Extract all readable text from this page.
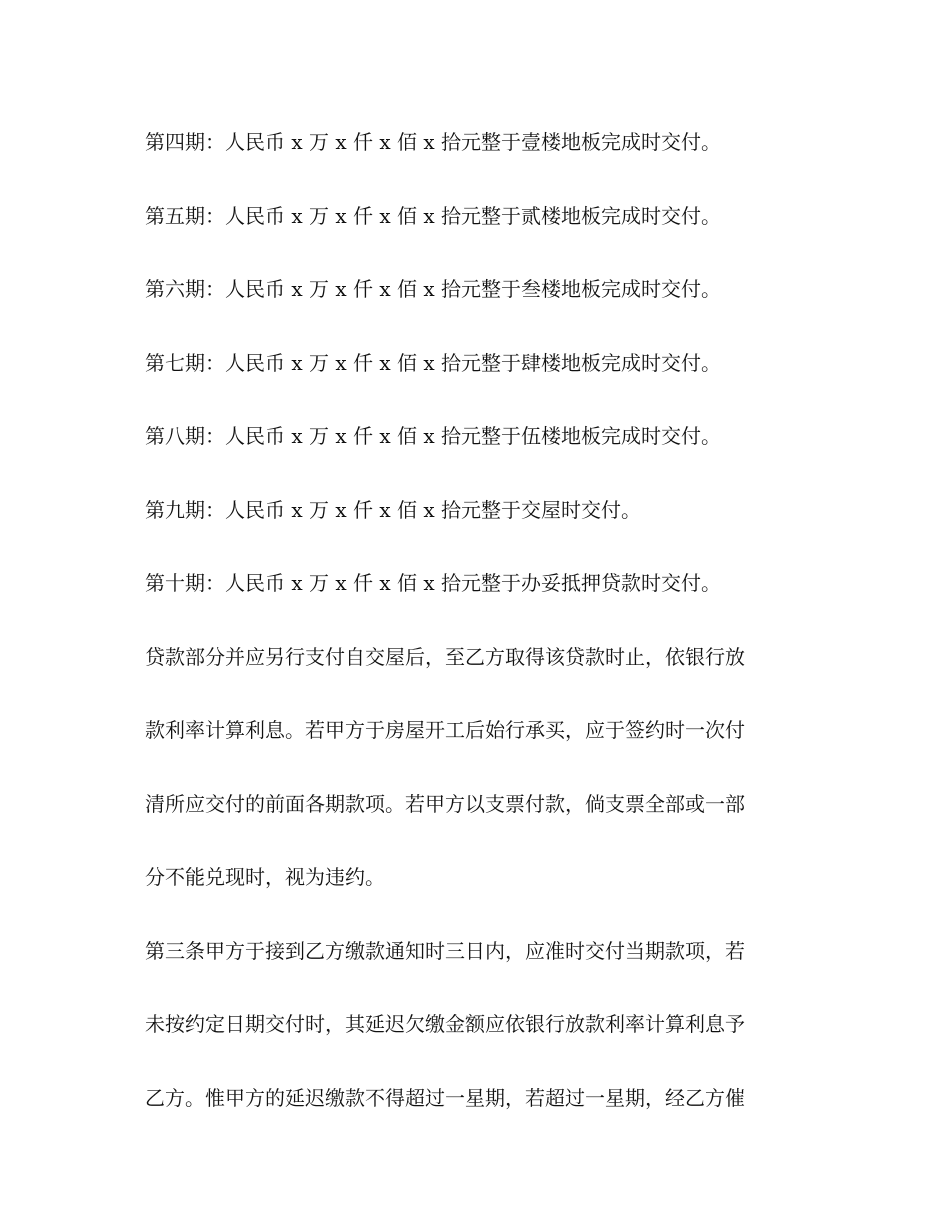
第四期：人民币 x 万 x 仟 x 佰 x 拾元整于壹楼地板完成时交付。
第五期：人民币 x 万 x 仟 x 佰 x 拾元整于贰楼地板完成时交付。
第六期：人民币 x 万 x 仟 x 佰 x 拾元整于叁楼地板完成时交付。
第七期：人民币 x 万 x 仟 x 佰 x 拾元整于肆楼地板完成时交付。
第八期：人民币 x 万 x 仟 x 佰 x 拾元整于伍楼地板完成时交付。
第九期：人民币 x 万 x 仟 x 佰 x 拾元整于交屋时交付。
第十期：人民币 x 万 x 仟 x 佰 x 拾元整于办妥抵押贷款时交付。
贷款部分并应另行支付自交屋后，至乙方取得该贷款时止，依银行放
款利率计算利息。若甲方于房屋开工后始行承买，应于签约时一次付
清所应交付的前面各期款项。若甲方以支票付款，倘支票全部或一部
分不能兑现时，视为违约。
第三条甲方于接到乙方缴款通知时三日内，应准时交付当期款项，若
未按约定日期交付时，其延迟欠缴金额应依银行放款利率计算利息予
乙方。惟甲方的延迟缴款不得超过一星期，若超过一星期，经乙方催
